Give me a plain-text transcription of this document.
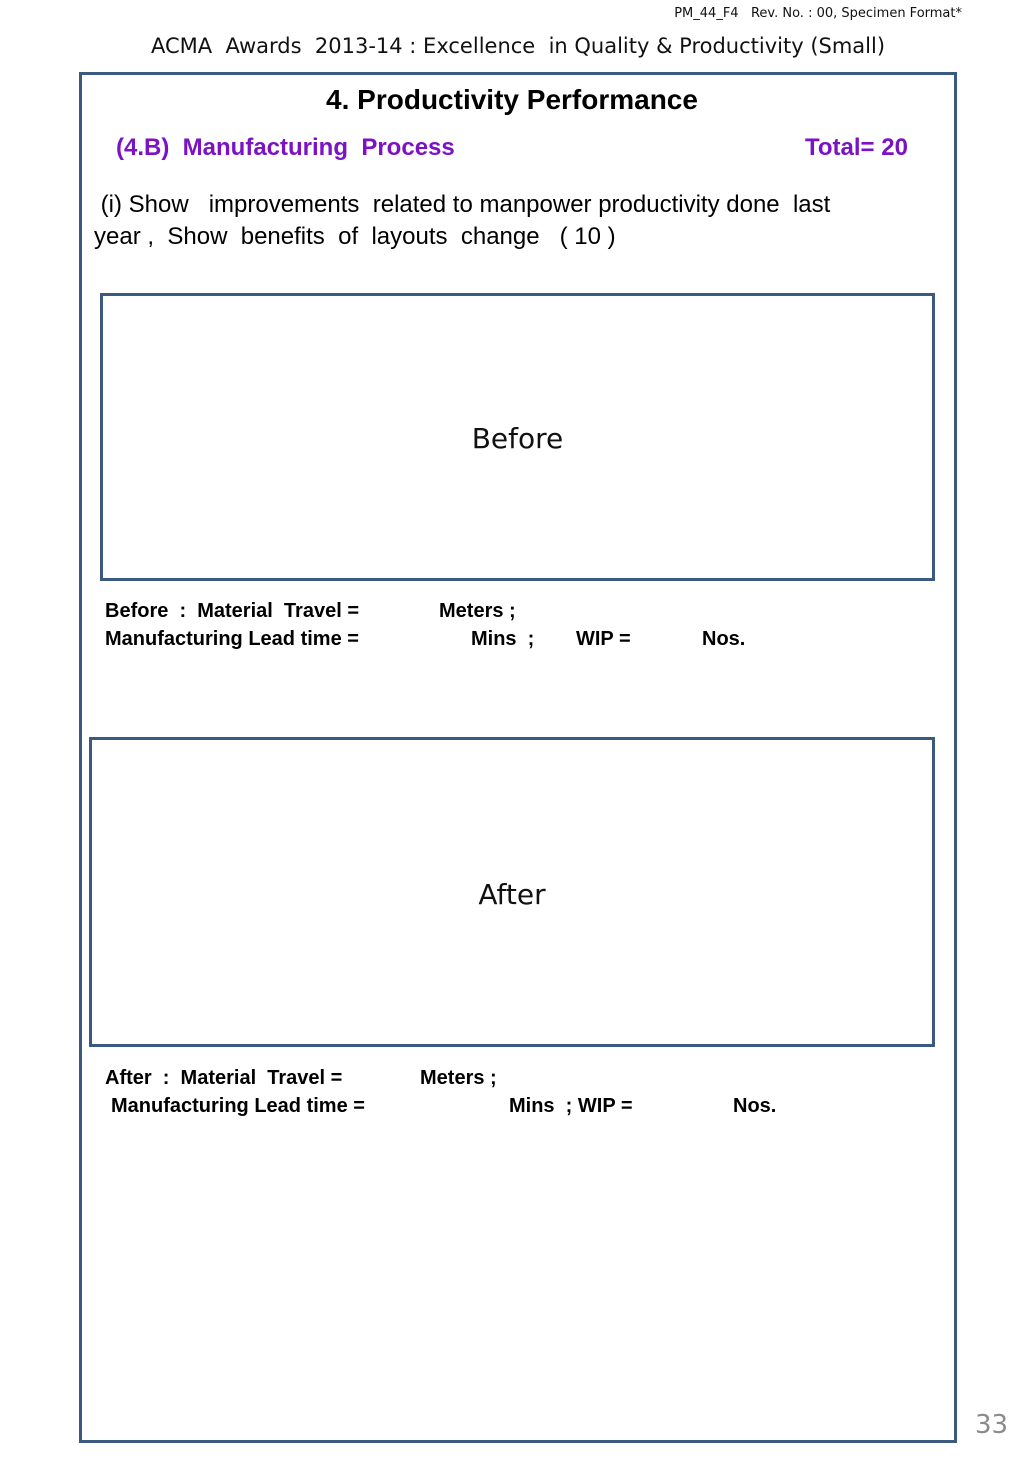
PM_44_F4   Rev. No. : 00, Specimen Format*
ACMA  Awards  2013-14 : Excellence  in Quality & Productivity (Small)
4. Productivity Performance
(4.B)  Manufacturing  Process	Total= 20
(i) Show   improvements  related to manpower productivity done  last
year ,  Show  benefits  of  layouts  change   ( 10 )
Before
Before  :  Material  Travel =	Meters ;
Manufacturing Lead time =	Mins  ; WIP =	Nos.
After
After  :  Material  Travel =	Meters ;
Manufacturing Lead time =	Mins  ; WIP =	Nos.
33
